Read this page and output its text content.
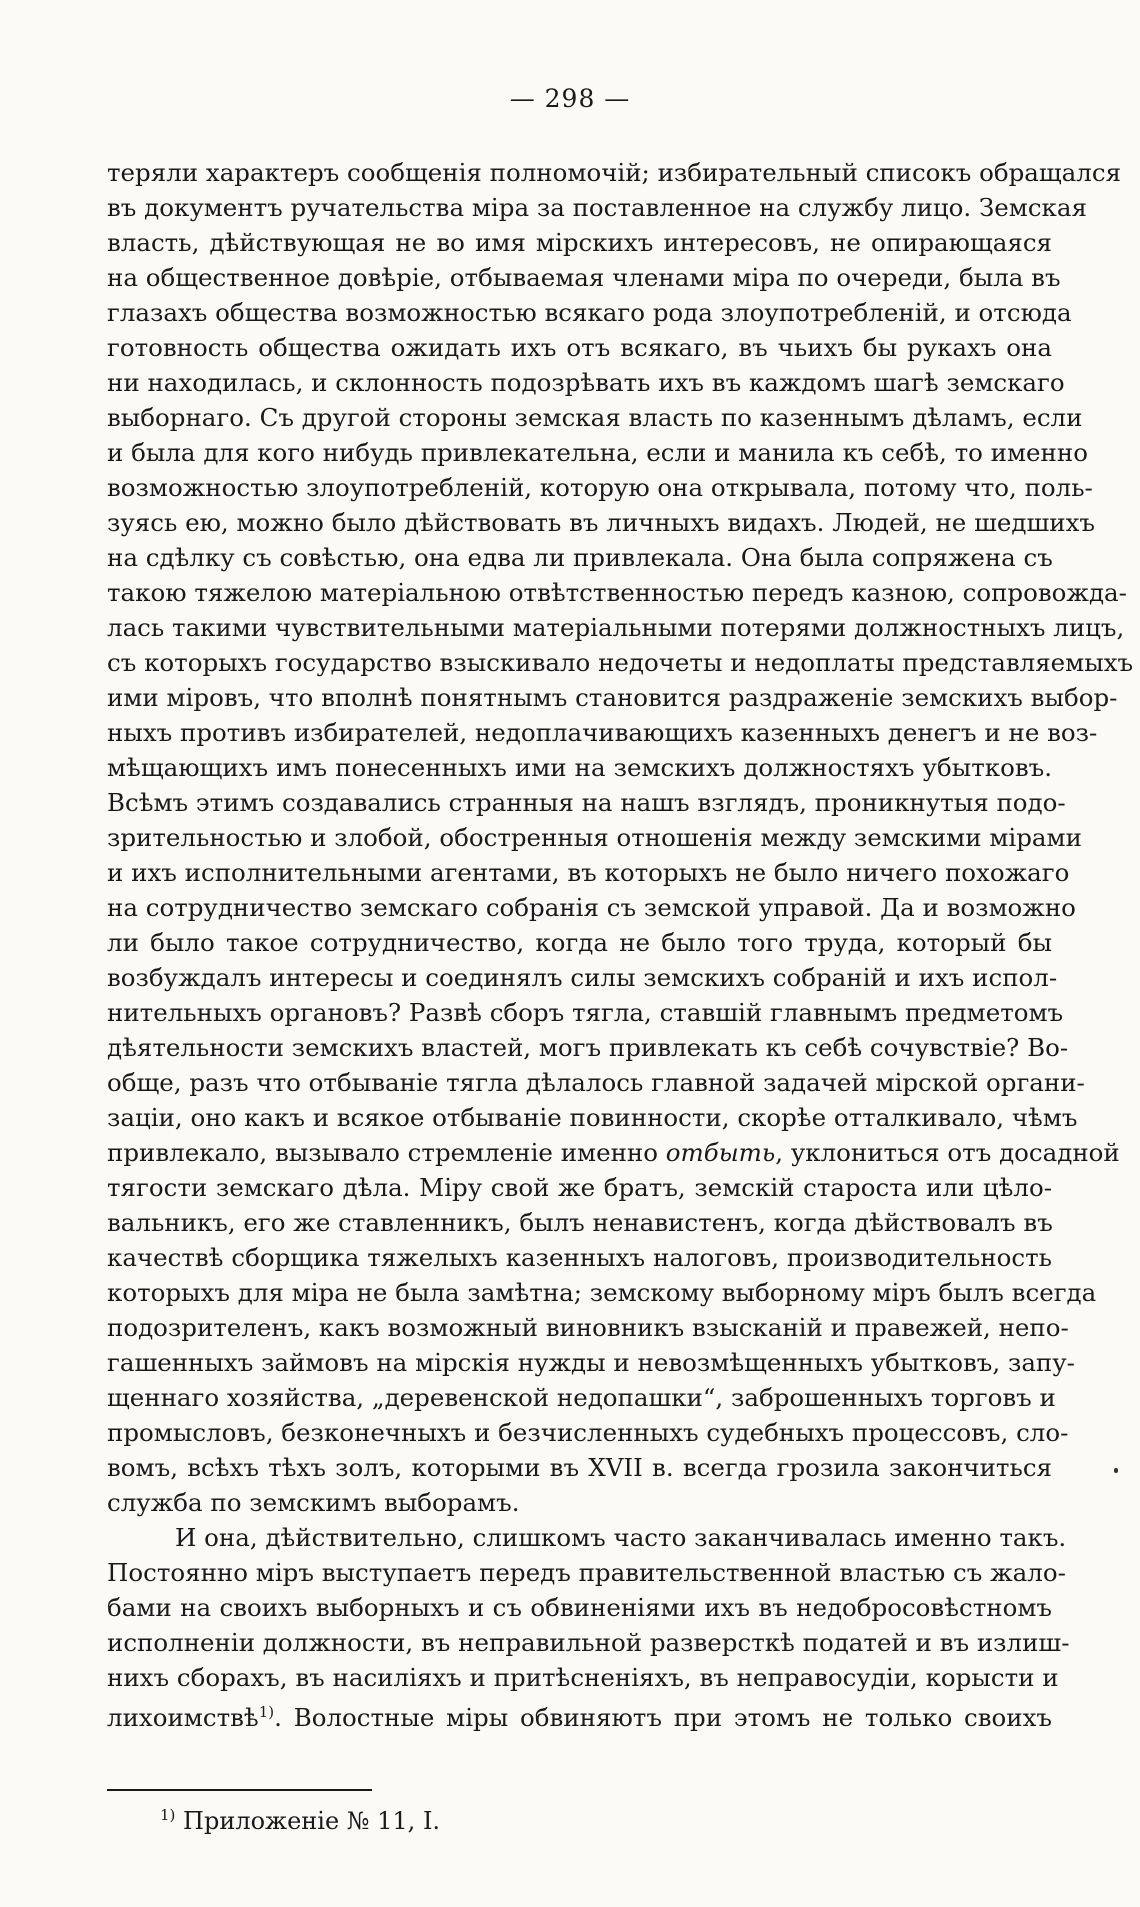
— 298 —
теряли характеръ сообщенія полномочій; избирательный списокъ обращался
въ документъ ручательства міра за поставленное на службу лицо. Земская
власть, дѣйствующая не во имя мірскихъ интересовъ, не опирающаяся
на общественное довѣріе, отбываемая членами міра по очереди, была въ
глазахъ общества возможностью всякаго рода злоупотребленій, и отсюда
готовность общества ожидать ихъ отъ всякаго, въ чьихъ бы рукахъ она
ни находилась, и склонность подозрѣвать ихъ въ каждомъ шагѣ земскаго
выборнаго. Съ другой стороны земская власть по казеннымъ дѣламъ, если
и была для кого нибудь привлекательна, если и манила къ себѣ, то именно
возможностью злоупотребленій, которую она открывала, потому что, поль-
зуясь ею, можно было дѣйствовать въ личныхъ видахъ. Людей, не шедшихъ
на сдѣлку съ совѣстью, она едва ли привлекала. Она была сопряжена съ
такою тяжелою матеріальною отвѣтственностью передъ казною, сопровожда-
лась такими чувствительными матеріальными потерями должностныхъ лицъ,
съ которыхъ государство взыскивало недочеты и недоплаты представляемыхъ
ими міровъ, что вполнѣ понятнымъ становится раздраженіе земскихъ выбор-
ныхъ противъ избирателей, недоплачивающихъ казенныхъ денегъ и не воз-
мѣщающихъ имъ понесенныхъ ими на земскихъ должностяхъ убытковъ.
Всѣмъ этимъ создавались странныя на нашъ взглядъ, проникнутыя подо-
зрительностью и злобой, обостренныя отношенія между земскими мірами
и ихъ исполнительными агентами, въ которыхъ не было ничего похожаго
на сотрудничество земскаго собранія съ земской управой. Да и возможно
ли было такое сотрудничество, когда не было того труда, который бы
возбуждалъ интересы и соединялъ силы земскихъ собраній и ихъ испол-
нительныхъ органовъ? Развѣ сборъ тягла, ставшій главнымъ предметомъ
дѣятельности земскихъ властей, могъ привлекать къ себѣ сочувствіе? Во-
обще, разъ что отбываніе тягла дѣлалось главной задачей мірской органи-
заціи, оно какъ и всякое отбываніе повинности, скорѣе отталкивало, чѣмъ
привлекало, вызывало стремленіе именно отбыть, уклониться отъ досадной
тягости земскаго дѣла. Міру свой же братъ, земскій староста или цѣло-
вальникъ, его же ставленникъ, былъ ненавистенъ, когда дѣйствовалъ въ
качествѣ сборщика тяжелыхъ казенныхъ налоговъ, производительность
которыхъ для міра не была замѣтна; земскому выборному міръ былъ всегда
подозрителенъ, какъ возможный виновникъ взысканій и правежей, непо-
гашенныхъ займовъ на мірскія нужды и невозмѣщенныхъ убытковъ, запу-
щеннаго хозяйства, „деревенской недопашки“, заброшенныхъ торговъ и
промысловъ, безконечныхъ и безчисленныхъ судебныхъ процессовъ, сло-
вомъ, всѣхъ тѣхъ золъ, которыми въ XVII в. всегда грозила закончиться
служба по земскимъ выборамъ.
И она, дѣйствительно, слишкомъ часто заканчивалась именно такъ.
Постоянно міръ выступаетъ передъ правительственной властью съ жало-
бами на своихъ выборныхъ и съ обвиненіями ихъ въ недобросовѣстномъ
исполненіи должности, въ неправильной разверсткѣ податей и въ излиш-
нихъ сборахъ, въ насиліяхъ и притѣсненіяхъ, въ неправосудіи, корысти и
лихоимствѣ$^{1)}$. Волостные міры обвиняютъ при этомъ не только своихъ
$^{1)}$ Приложеніе № 11, I.
